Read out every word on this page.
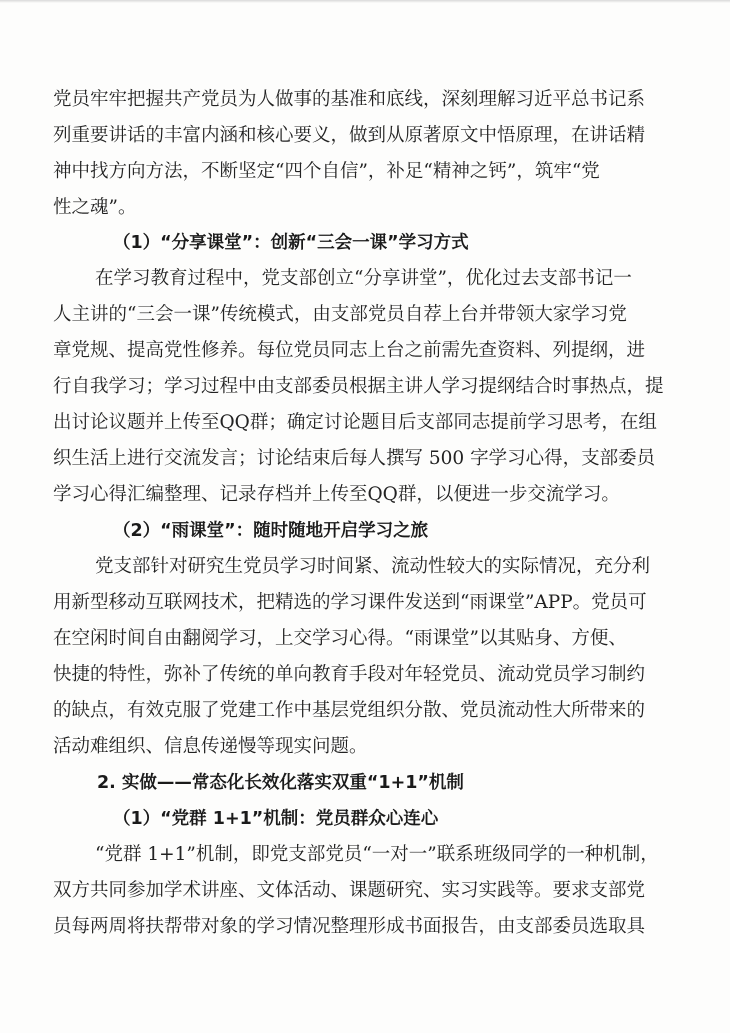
党员牢牢把握共产党员为人做事的基准和底线，深刻理解习近平总书记系
列重要讲话的丰富内涵和核心要义，做到从原著原文中悟原理，在讲话精
神中找方向方法，不断坚定“四个自信”，补足“精神之钙”，筑牢“党
性之魂”。
（1）“分享课堂”：创新“三会一课”学习方式
在学习教育过程中，党支部创立“分享讲堂”，优化过去支部书记一
人主讲的“三会一课”传统模式，由支部党员自荐上台并带领大家学习党
章党规、提高党性修养。每位党员同志上台之前需先查资料、列提纲，进
行自我学习；学习过程中由支部委员根据主讲人学习提纲结合时事热点，提
出讨论议题并上传至QQ群；确定讨论题目后支部同志提前学习思考，在组
织生活上进行交流发言；讨论结束后每人撰写 500 字学习心得，支部委员
学习心得汇编整理、记录存档并上传至QQ群，以便进一步交流学习。
（2）“雨课堂”：随时随地开启学习之旅
党支部针对研究生党员学习时间紧、流动性较大的实际情况，充分利
用新型移动互联网技术，把精选的学习课件发送到“雨课堂”APP。党员可
在空闲时间自由翻阅学习，上交学习心得。“雨课堂”以其贴身、方便、
快捷的特性，弥补了传统的单向教育手段对年轻党员、流动党员学习制约
的缺点，有效克服了党建工作中基层党组织分散、党员流动性大所带来的
活动难组织、信息传递慢等现实问题。
2. 实做——常态化长效化落实双重“1+1”机制
（1）“党群 1+1”机制：党员群众心连心
“党群 1+1”机制，即党支部党员“一对一”联系班级同学的一种机制，
双方共同参加学术讲座、文体活动、课题研究、实习实践等。要求支部党
员每两周将扶帮带对象的学习情况整理形成书面报告，由支部委员选取具
